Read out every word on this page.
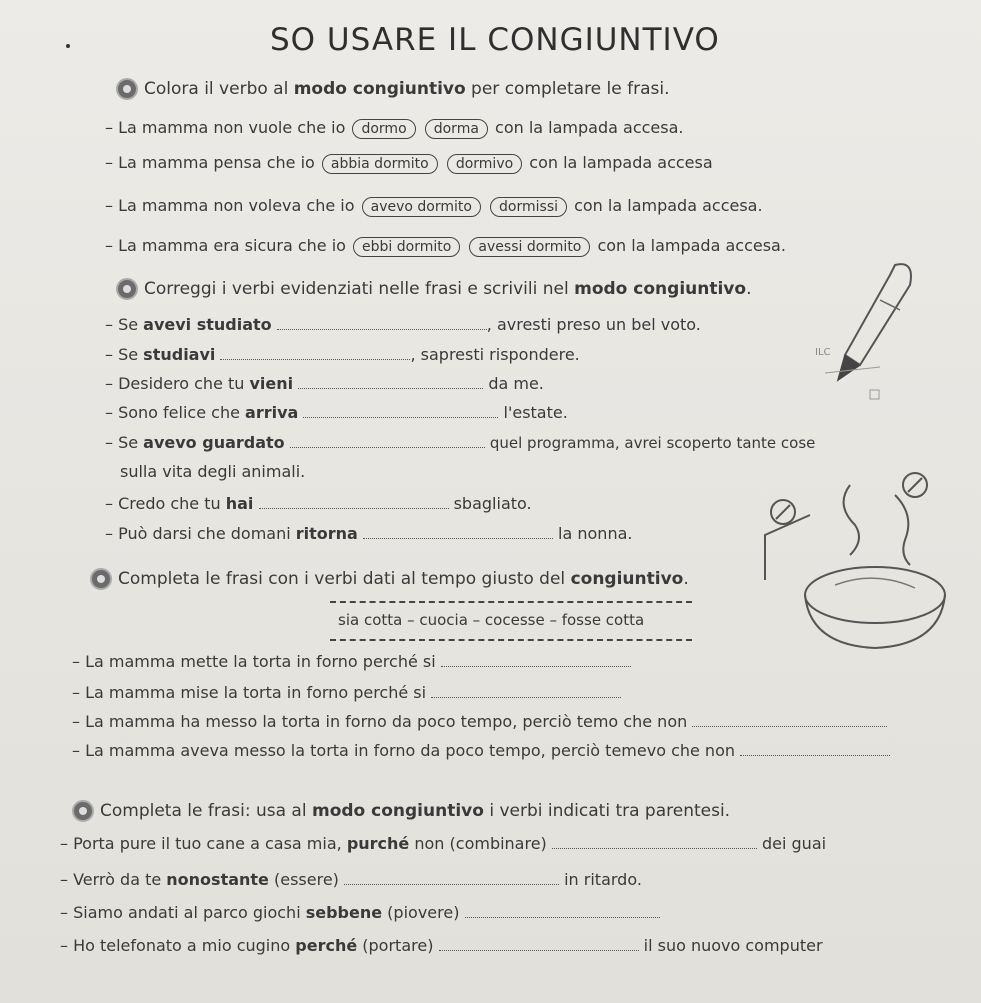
SO USARE IL CONGIUNTIVO
Colora il verbo al modo congiuntivo per completare le frasi.
– La mamma non vuole che io dormo dorma con la lampada accesa.
– La mamma pensa che io abbia dormito dormivo con la lampada accesa
– La mamma non voleva che io avevo dormito dormissi con la lampada accesa.
– La mamma era sicura che io ebbi dormito avessi dormito con la lampada accesa.
Correggi i verbi evidenziati nelle frasi e scrivili nel modo congiuntivo.
– Se avevi studiato	, avresti preso un bel voto.
– Se studiavi	, sapresti rispondere.
– Desidero che tu vieni	da me.
– Sono felice che arriva	l'estate.
– Se avevo guardato	quel programma, avrei scoperto tante cose
sulla vita degli animali.
– Credo che tu hai	sbagliato.
– Può darsi che domani ritorna	la nonna.
Completa le frasi con i verbi dati al tempo giusto del congiuntivo.
sia cotta – cuocia – cocesse – fosse cotta
– La mamma mette la torta in forno perché si
– La mamma mise la torta in forno perché si
– La mamma ha messo la torta in forno da poco tempo, perciò temo che non
– La mamma aveva messo la torta in forno da poco tempo, perciò temevo che non
Completa le frasi: usa al modo congiuntivo i verbi indicati tra parentesi.
– Porta pure il tuo cane a casa mia, purché non (combinare)	dei guai
– Verrò da te nonostante (essere)	in ritardo.
– Siamo andati al parco giochi sebbene (piovere)
– Ho telefonato a mio cugino perché (portare)	il suo nuovo computer
ILC
